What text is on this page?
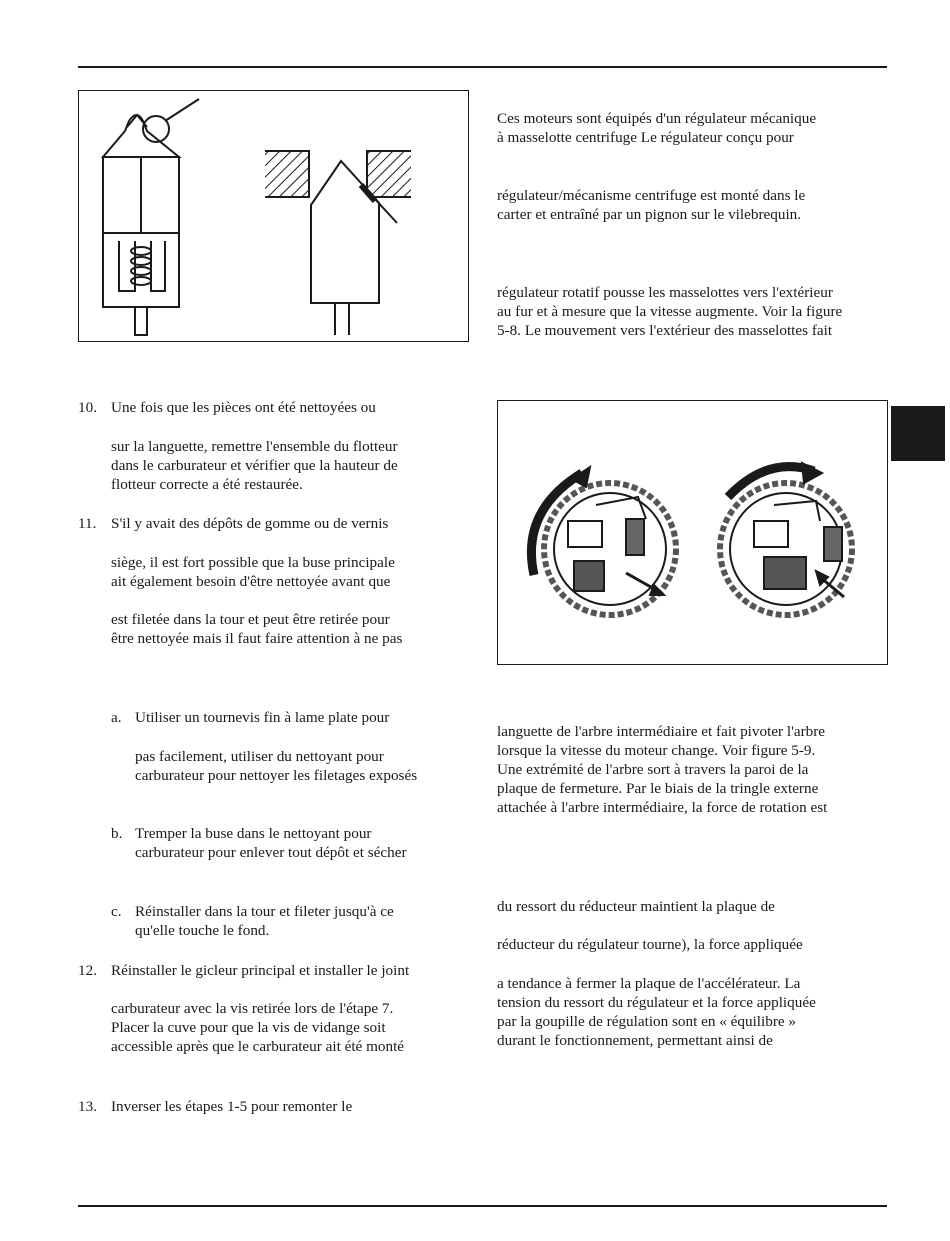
Ces moteurs sont équipés d'un régulateur mécanique
à masselotte centrifuge Le régulateur conçu pour
régulateur/mécanisme centrifuge est monté dans le
carter et entraîné par un pignon sur le vilebrequin.
régulateur rotatif pousse les masselottes vers l'extérieur
au fur et à mesure que la vitesse augmente. Voir la figure
5-8. Le mouvement vers l'extérieur des masselottes fait
10.
11.
12.
13.
Une fois que les pièces ont été nettoyées ou
sur la languette, remettre l'ensemble du flotteur
dans le carburateur et vérifier que la hauteur de
flotteur correcte a été restaurée.
S'il y avait des dépôts de gomme ou de vernis
siège, il est fort possible que la buse principale
ait également besoin d'être nettoyée avant que
est filetée dans la tour et peut être retirée pour
être nettoyée mais il faut faire attention à ne pas
a. Utiliser un tournevis fin à lame plate pour
pas facilement, utiliser du nettoyant pour
carburateur pour nettoyer les filetages exposés
b. Tremper la buse dans le nettoyant pour
carburateur pour enlever tout dépôt et sécher
c. Réinstaller dans la tour et fileter jusqu'à ce
qu'elle touche le fond.
Réinstaller le gicleur principal et installer le joint
carburateur avec la vis retirée lors de l'étape 7.
Placer la cuve pour que la vis de vidange soit
accessible après que le carburateur ait été monté
Inverser les étapes 1-5 pour remonter le
languette de l'arbre intermédiaire et fait pivoter l'arbre
lorsque la vitesse du moteur change. Voir figure 5-9.
Une extrémité de l'arbre sort à travers la paroi de la
plaque de fermeture. Par le biais de la tringle externe
attachée à l'arbre intermédiaire, la force de rotation est
du ressort du réducteur maintient la plaque de
réducteur du régulateur tourne), la force appliquée
a tendance à fermer la plaque de l'accélérateur. La
tension du ressort du régulateur et la force appliquée
par la goupille de régulation sont en « équilibre »
durant le fonctionnement, permettant ainsi de
